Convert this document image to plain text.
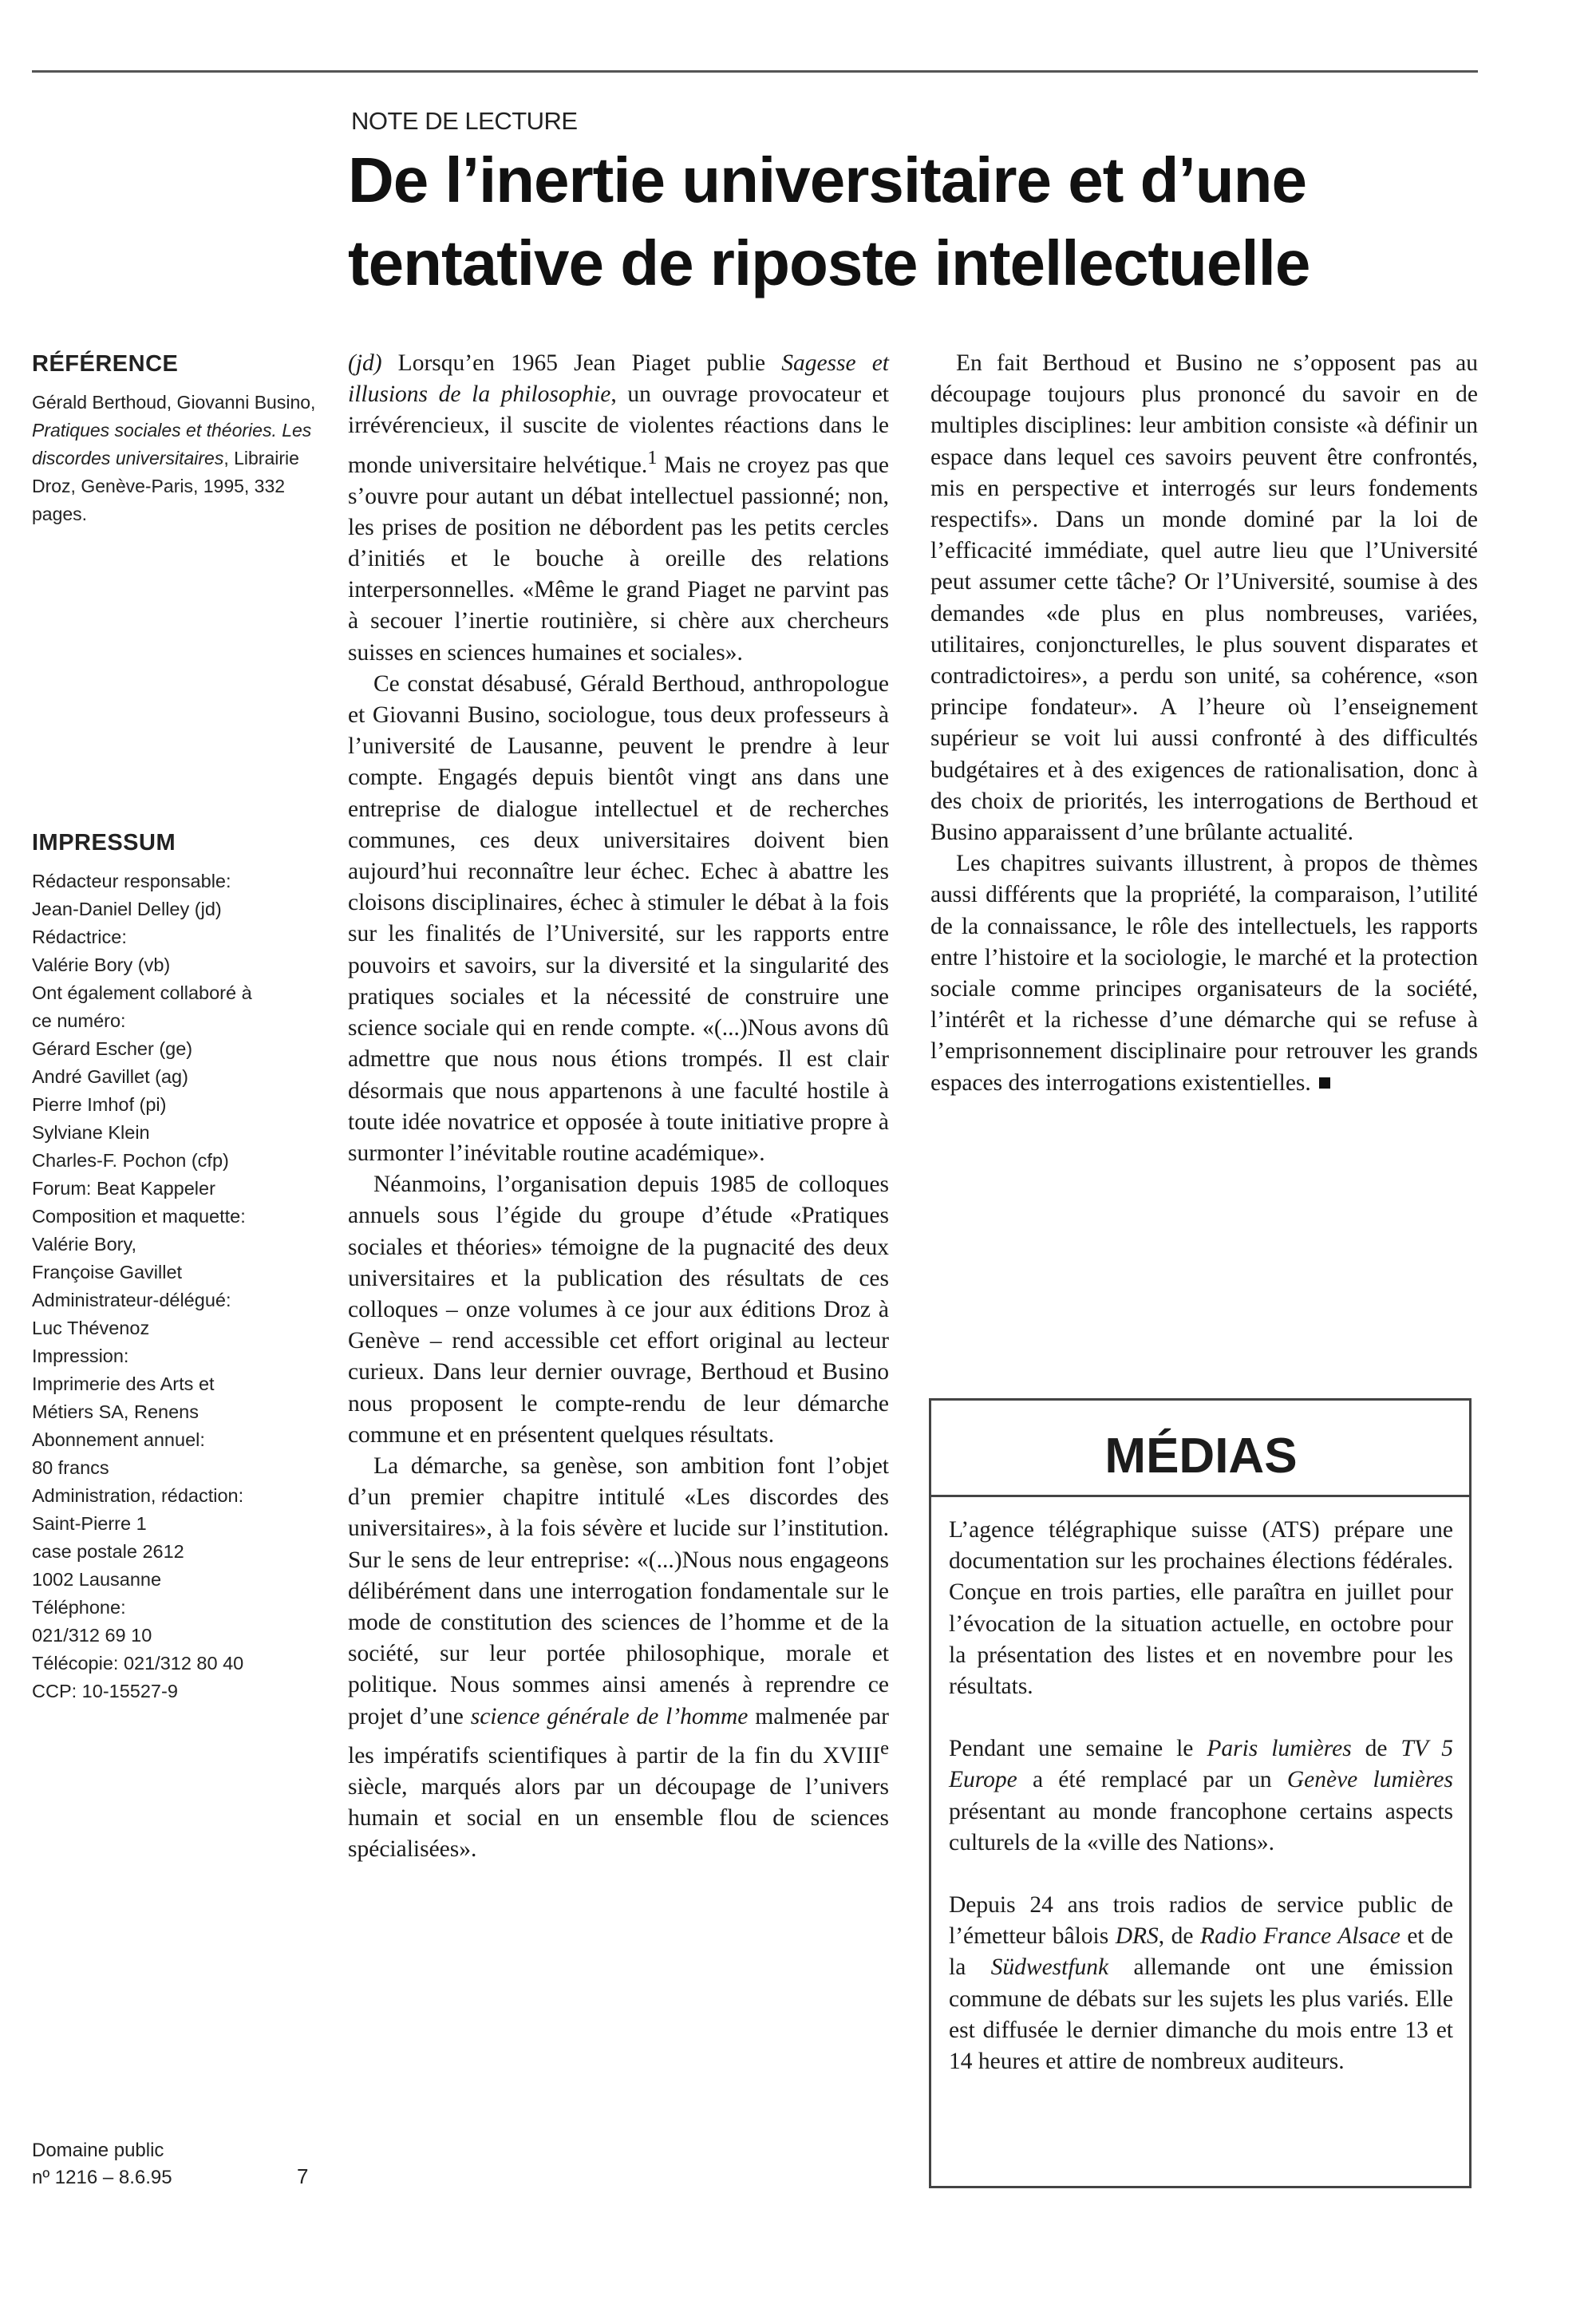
NOTE DE LECTURE
De l’inertie universitaire et d’une
tentative de riposte intellectuelle
RÉFÉRENCE
Gérald Berthoud, Giovanni Busino, Pratiques sociales et théories. Les discordes universitaires, Librairie Droz, Genève-Paris, 1995, 332 pages.
IMPRESSUM
Rédacteur responsable:
Jean-Daniel Delley (jd)
Rédactrice:
Valérie Bory (vb)
Ont également collaboré à
ce numéro:
Gérard Escher (ge)
André Gavillet (ag)
Pierre Imhof (pi)
Sylviane Klein
Charles-F. Pochon (cfp)
Forum: Beat Kappeler
Composition et maquette:
Valérie Bory,
Françoise Gavillet
Administrateur-délégué:
Luc Thévenoz
Impression:
Imprimerie des Arts et
Métiers SA, Renens
Abonnement annuel:
80 francs
Administration, rédaction:
Saint-Pierre 1
case postale 2612
1002 Lausanne
Téléphone:
021/312 69 10
Télécopie: 021/312 80 40
CCP: 10-15527-9
Domaine public
nº 1216 – 8.6.95	7

(jd) Lorsqu’en 1965 Jean Piaget publie Sagesse et illusions de la philosophie, un ouvrage provocateur et irrévérencieux, il suscite de violentes réactions dans le monde universitaire helvétique.$^1$ Mais ne croyez pas que s’ouvre pour autant un débat intellectuel passionné; non, les prises de position ne débordent pas les petits cercles d’initiés et le bouche à oreille des relations interpersonnelles. «Même le grand Piaget ne parvint pas à secouer l’inertie routinière, si chère aux chercheurs suisses en sciences humaines et sociales».

Ce constat désabusé, Gérald Berthoud, anthropologue et Giovanni Busino, sociologue, tous deux professeurs à l’université de Lausanne, peuvent le prendre à leur compte. Engagés depuis bientôt vingt ans dans une entreprise de dialogue intellectuel et de recherches communes, ces deux universitaires doivent bien aujourd’hui reconnaître leur échec. Echec à abattre les cloisons disciplinaires, échec à stimuler le débat à la fois sur les finalités de l’Université, sur les rapports entre pouvoirs et savoirs, sur la diversité et la singularité des pratiques sociales et la nécessité de construire une science sociale qui en rende compte. «(...)Nous avons dû admettre que nous nous étions trompés. Il est clair désormais que nous appartenons à une faculté hostile à toute idée novatrice et opposée à toute initiative propre à surmonter l’inévitable routine académique».

Néanmoins, l’organisation depuis 1985 de colloques annuels sous l’égide du groupe d’étude «Pratiques sociales et théories» témoigne de la pugnacité des deux universitaires et la publication des résultats de ces colloques – onze volumes à ce jour aux éditions Droz à Genève – rend accessible cet effort original au lecteur curieux. Dans leur dernier ouvrage, Berthoud et Busino nous proposent le compte-rendu de leur démarche commune et en présentent quelques résultats.

La démarche, sa genèse, son ambition font l’objet d’un premier chapitre intitulé «Les discordes des universitaires», à la fois sévère et lucide sur l’institution. Sur le sens de leur entreprise: «(...)Nous nous engageons délibérément dans une interrogation fondamentale sur le mode de constitution des sciences de l’homme et de la société, sur leur portée philosophique, morale et politique. Nous sommes ainsi amenés à reprendre ce projet d’une science générale de l’homme malmenée par les impératifs scientifiques à partir de la fin du XVIIIe siècle, marqués alors par un découpage de l’univers humain et social en un ensemble flou de sciences spécialisées».

En fait Berthoud et Busino ne s’opposent pas au découpage toujours plus prononcé du savoir en de multiples disciplines: leur ambition consiste «à définir un espace dans lequel ces savoirs peuvent être confrontés, mis en perspective et interrogés sur leurs fondements respectifs». Dans un monde dominé par la loi de l’efficacité immédiate, quel autre lieu que l’Université peut assumer cette tâche? Or l’Université, soumise à des demandes «de plus en plus nombreuses, variées, utilitaires, conjoncturelles, le plus souvent disparates et contradictoires», a perdu son unité, sa cohérence, «son principe fondateur». A l’heure où l’enseignement supérieur se voit lui aussi confronté à des difficultés budgétaires et à des exigences de rationalisation, donc à des choix de priorités, les interrogations de Berthoud et Busino apparaissent d’une brûlante actualité.

Les chapitres suivants illustrent, à propos de thèmes aussi différents que la propriété, la comparaison, l’utilité de la connaissance, le rôle des intellectuels, les rapports entre l’histoire et la sociologie, le marché et la protection sociale comme principes organisateurs de la société, l’intérêt et la richesse d’une démarche qui se refuse à l’emprisonnement disciplinaire pour retrouver les grands espaces des interrogations existentielles.

MÉDIAS

L’agence télégraphique suisse (ATS) prépare une documentation sur les prochaines élections fédérales. Conçue en trois parties, elle paraîtra en juillet pour l’évocation de la situation actuelle, en octobre pour la présentation des listes et en novembre pour les résultats.

Pendant une semaine le Paris lumières de TV 5 Europe a été remplacé par un Genève lumières présentant au monde francophone certains aspects culturels de la «ville des Nations».

Depuis 24 ans trois radios de service public de l’émetteur bâlois DRS, de Radio France Alsace et de la Südwestfunk allemande ont une émission commune de débats sur les sujets les plus variés. Elle est diffusée le dernier dimanche du mois entre 13 et 14 heures et attire de nombreux auditeurs.
